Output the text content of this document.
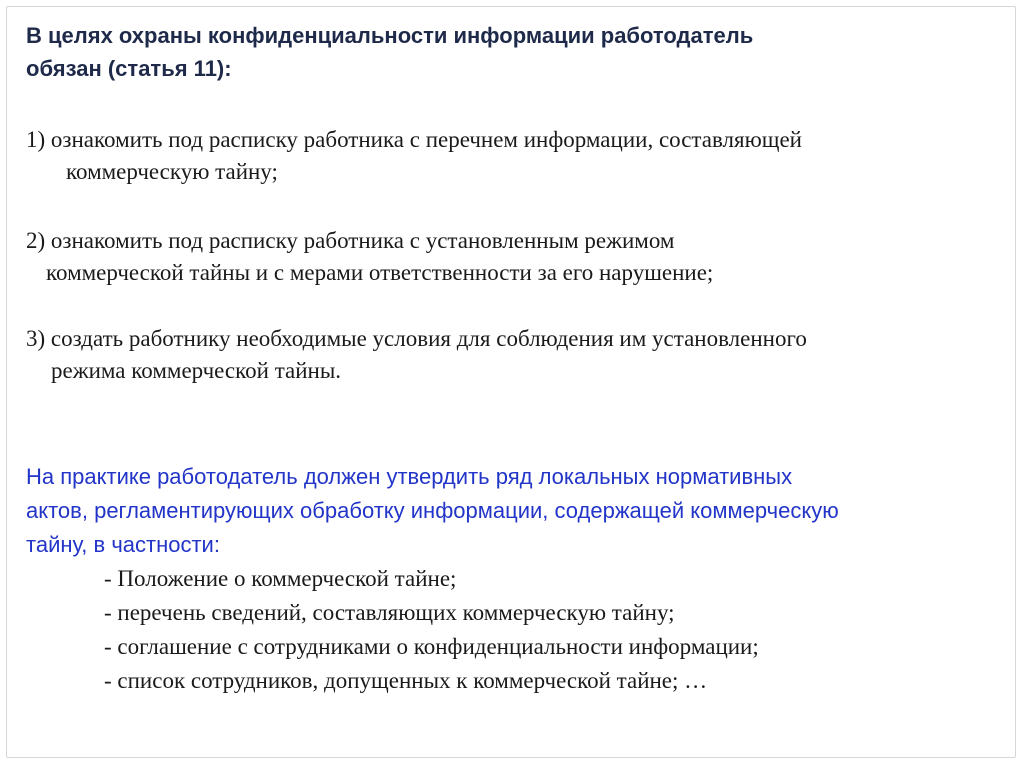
В целях охраны конфиденциальности информации работодатель
обязан (статья 11):

1) ознакомить под расписку работника с перечнем информации, составляющей
коммерческую тайну;

2) ознакомить под расписку работника с установленным режимом
коммерческой тайны и с мерами ответственности за его нарушение;

3) создать работнику необходимые условия для соблюдения им установленного
режима коммерческой тайны.

На практике работодатель должен утвердить ряд локальных нормативных
актов, регламентирующих обработку информации, содержащей коммерческую
тайну, в частности:

- Положение о коммерческой тайне;
- перечень сведений, составляющих коммерческую тайну;
- соглашение с сотрудниками о конфиденциальности информации;
- список сотрудников, допущенных к коммерческой тайне; …
